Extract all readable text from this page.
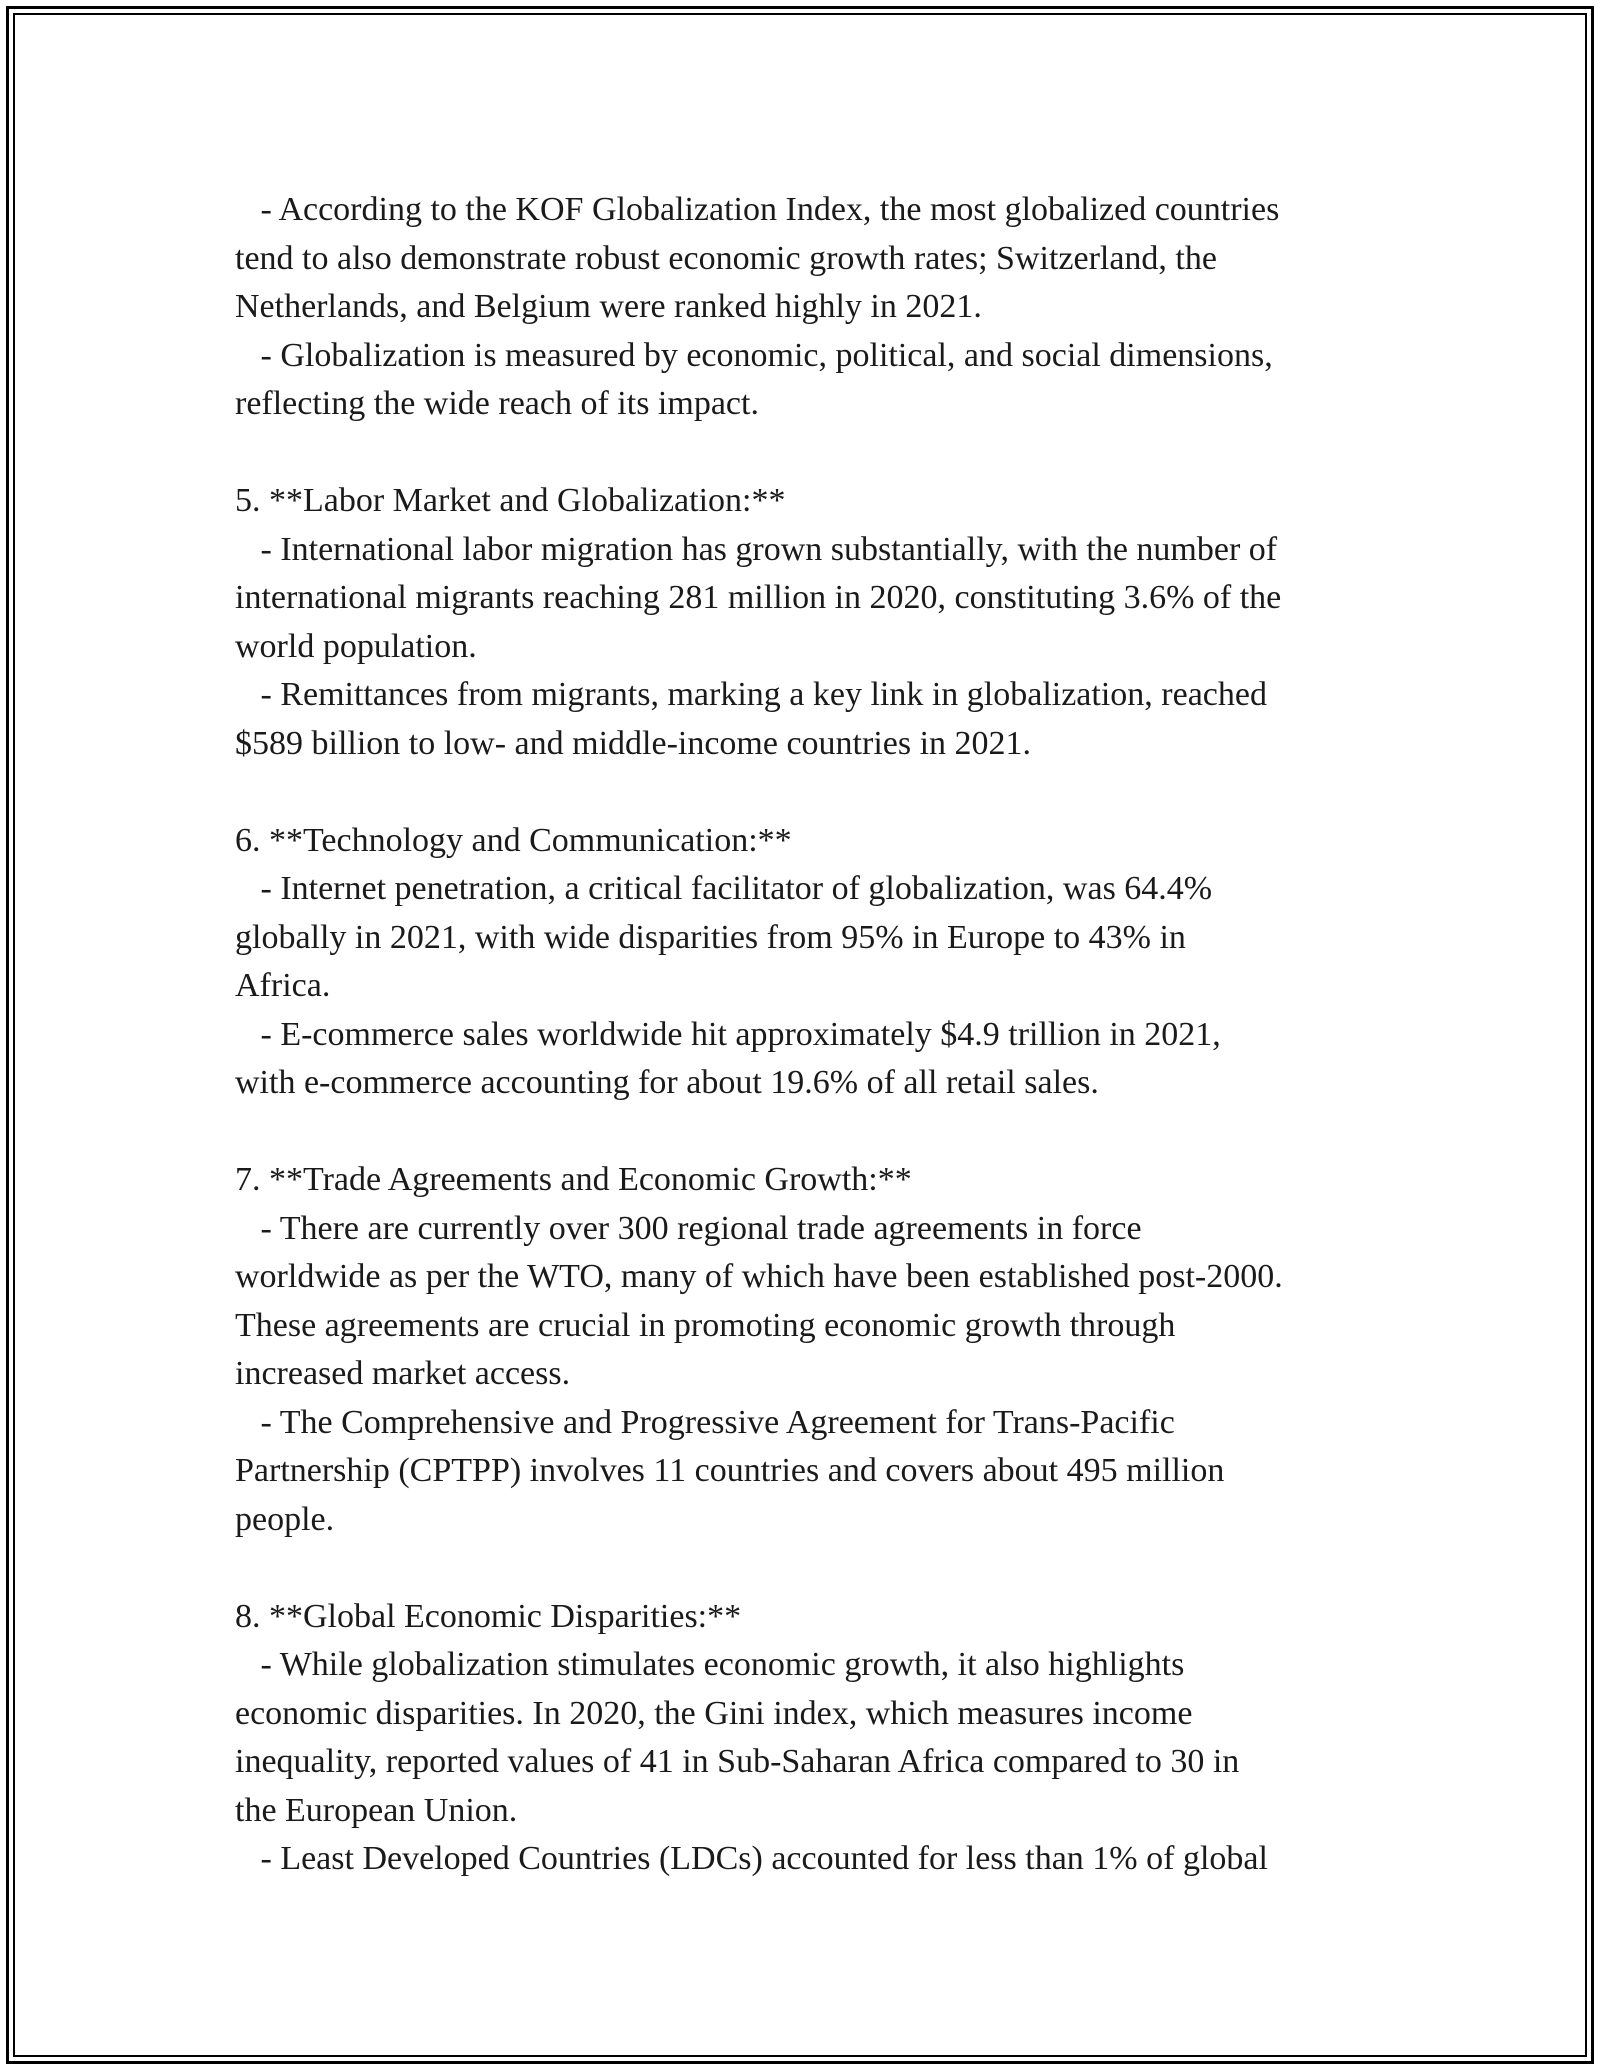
- According to the KOF Globalization Index, the most globalized countries

tend to also demonstrate robust economic growth rates; Switzerland, the

Netherlands, and Belgium were ranked highly in 2021.

- Globalization is measured by economic, political, and social dimensions,

reflecting the wide reach of its impact.

5. **Labor Market and Globalization:**

- International labor migration has grown substantially, with the number of

international migrants reaching 281 million in 2020, constituting 3.6% of the

world population.

- Remittances from migrants, marking a key link in globalization, reached

$589 billion to low- and middle-income countries in 2021.

6. **Technology and Communication:**

- Internet penetration, a critical facilitator of globalization, was 64.4%

globally in 2021, with wide disparities from 95% in Europe to 43% in

Africa.

- E-commerce sales worldwide hit approximately $4.9 trillion in 2021,

with e-commerce accounting for about 19.6% of all retail sales.

7. **Trade Agreements and Economic Growth:**

- There are currently over 300 regional trade agreements in force

worldwide as per the WTO, many of which have been established post-2000.

These agreements are crucial in promoting economic growth through

increased market access.

- The Comprehensive and Progressive Agreement for Trans-Pacific

Partnership (CPTPP) involves 11 countries and covers about 495 million

people.

8. **Global Economic Disparities:**

- While globalization stimulates economic growth, it also highlights

economic disparities. In 2020, the Gini index, which measures income

inequality, reported values of 41 in Sub-Saharan Africa compared to 30 in

the European Union.

- Least Developed Countries (LDCs) accounted for less than 1% of global
